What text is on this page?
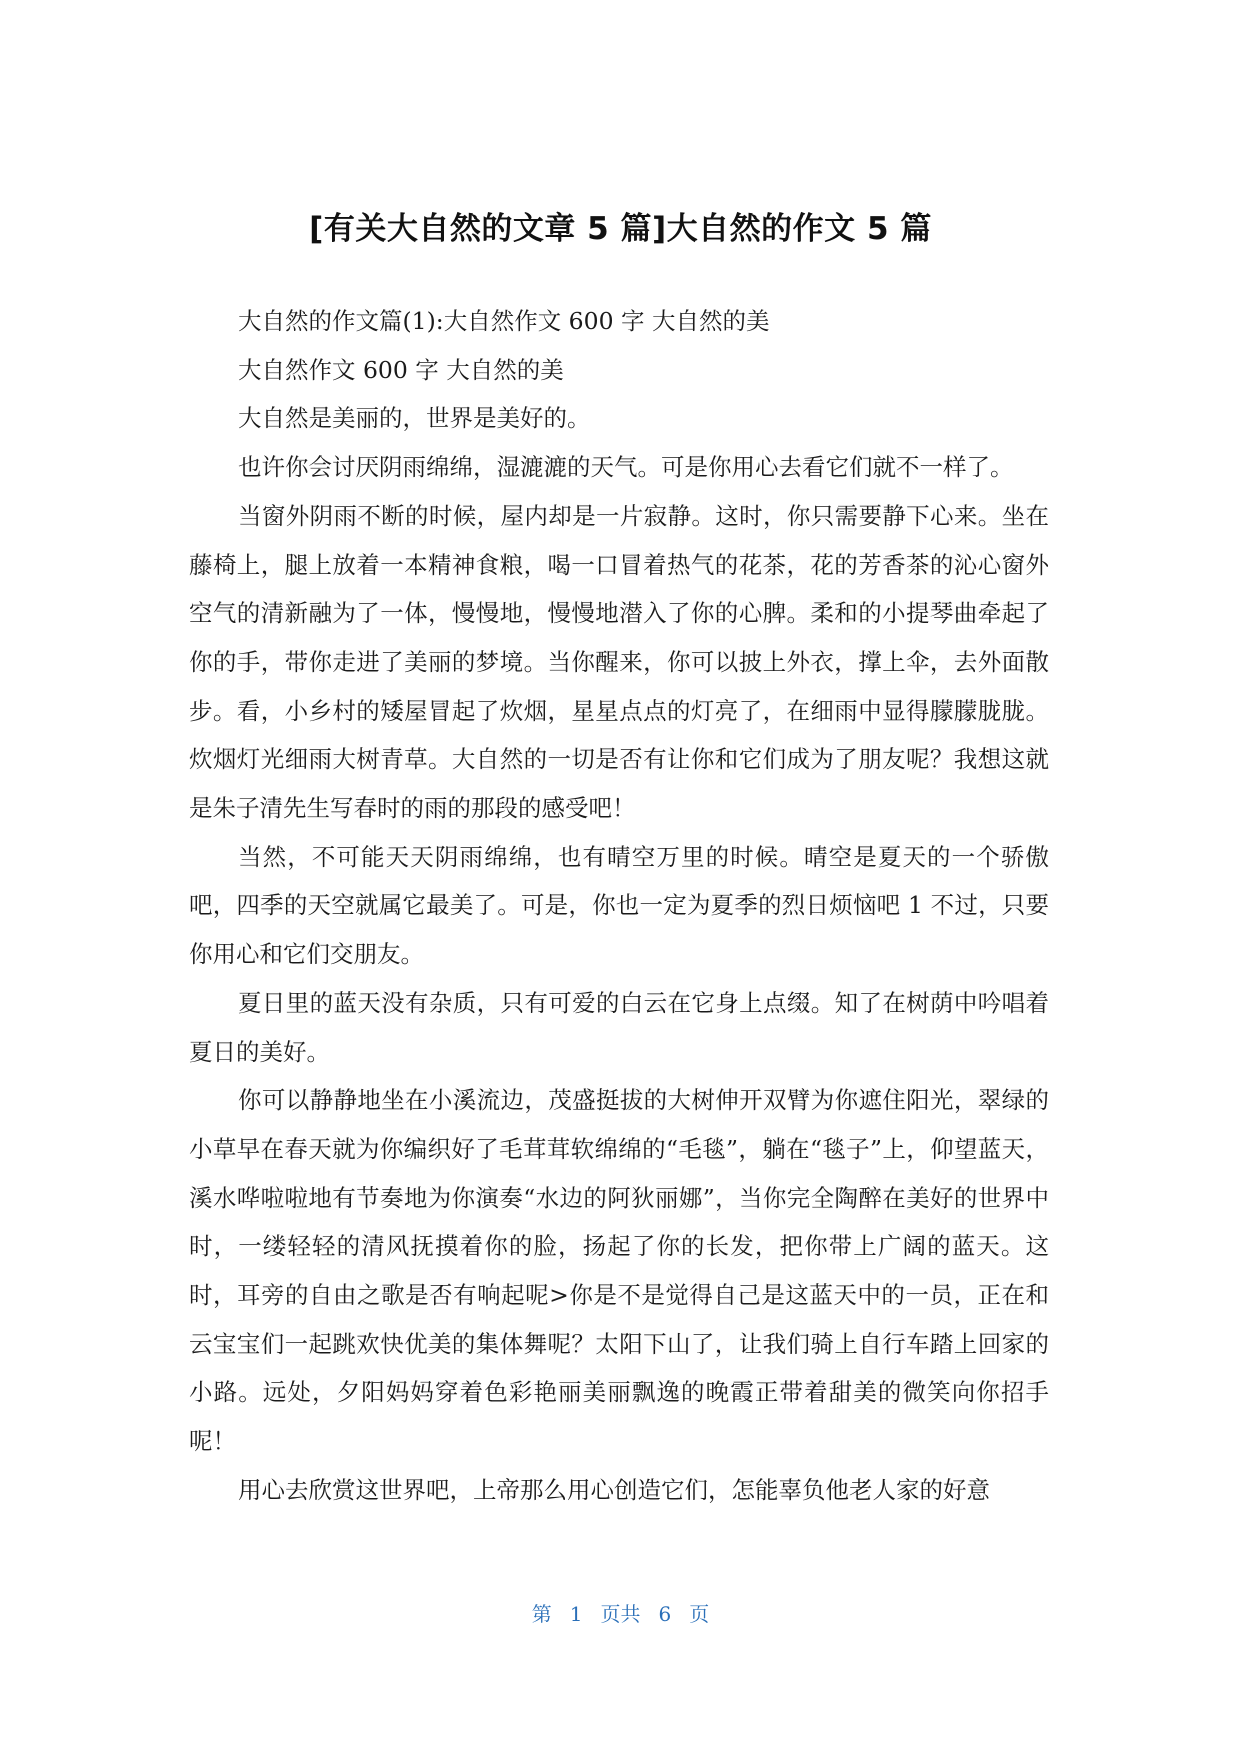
[有关大自然的文章 5 篇]大自然的作文 5 篇

大自然的作文篇(1):大自然作文 600 字 大自然的美

大自然作文 600 字 大自然的美

大自然是美丽的，世界是美好的。

也许你会讨厌阴雨绵绵，湿漉漉的天气。可是你用心去看它们就不一样了。

当窗外阴雨不断的时候，屋内却是一片寂静。这时，你只需要静下心来。坐在藤椅上，腿上放着一本精神食粮，喝一口冒着热气的花茶，花的芳香茶的沁心窗外空气的清新融为了一体，慢慢地，慢慢地潜入了你的心脾。柔和的小提琴曲牵起了你的手，带你走进了美丽的梦境。当你醒来，你可以披上外衣，撑上伞，去外面散步。看，小乡村的矮屋冒起了炊烟，星星点点的灯亮了，在细雨中显得朦朦胧胧。炊烟灯光细雨大树青草。大自然的一切是否有让你和它们成为了朋友呢？我想这就是朱子清先生写春时的雨的那段的感受吧！

当然，不可能天天阴雨绵绵，也有晴空万里的时候。晴空是夏天的一个骄傲吧，四季的天空就属它最美了。可是，你也一定为夏季的烈日烦恼吧 1 不过，只要你用心和它们交朋友。

夏日里的蓝天没有杂质，只有可爱的白云在它身上点缀。知了在树荫中吟唱着夏日的美好。

你可以静静地坐在小溪流边，茂盛挺拔的大树伸开双臂为你遮住阳光，翠绿的小草早在春天就为你编织好了毛茸茸软绵绵的“毛毯”，躺在“毯子”上，仰望蓝天，溪水哗啦啦地有节奏地为你演奏“水边的阿狄丽娜”，当你完全陶醉在美好的世界中时，一缕轻轻的清风抚摸着你的脸，扬起了你的长发，把你带上广阔的蓝天。这时，耳旁的自由之歌是否有响起呢>你是不是觉得自己是这蓝天中的一员，正在和云宝宝们一起跳欢快优美的集体舞呢？太阳下山了，让我们骑上自行车踏上回家的小路。远处，夕阳妈妈穿着色彩艳丽美丽飘逸的晚霞正带着甜美的微笑向你招手呢！

用心去欣赏这世界吧，上帝那么用心创造它们，怎能辜负他老人家的好意

第 1 页共 6 页
